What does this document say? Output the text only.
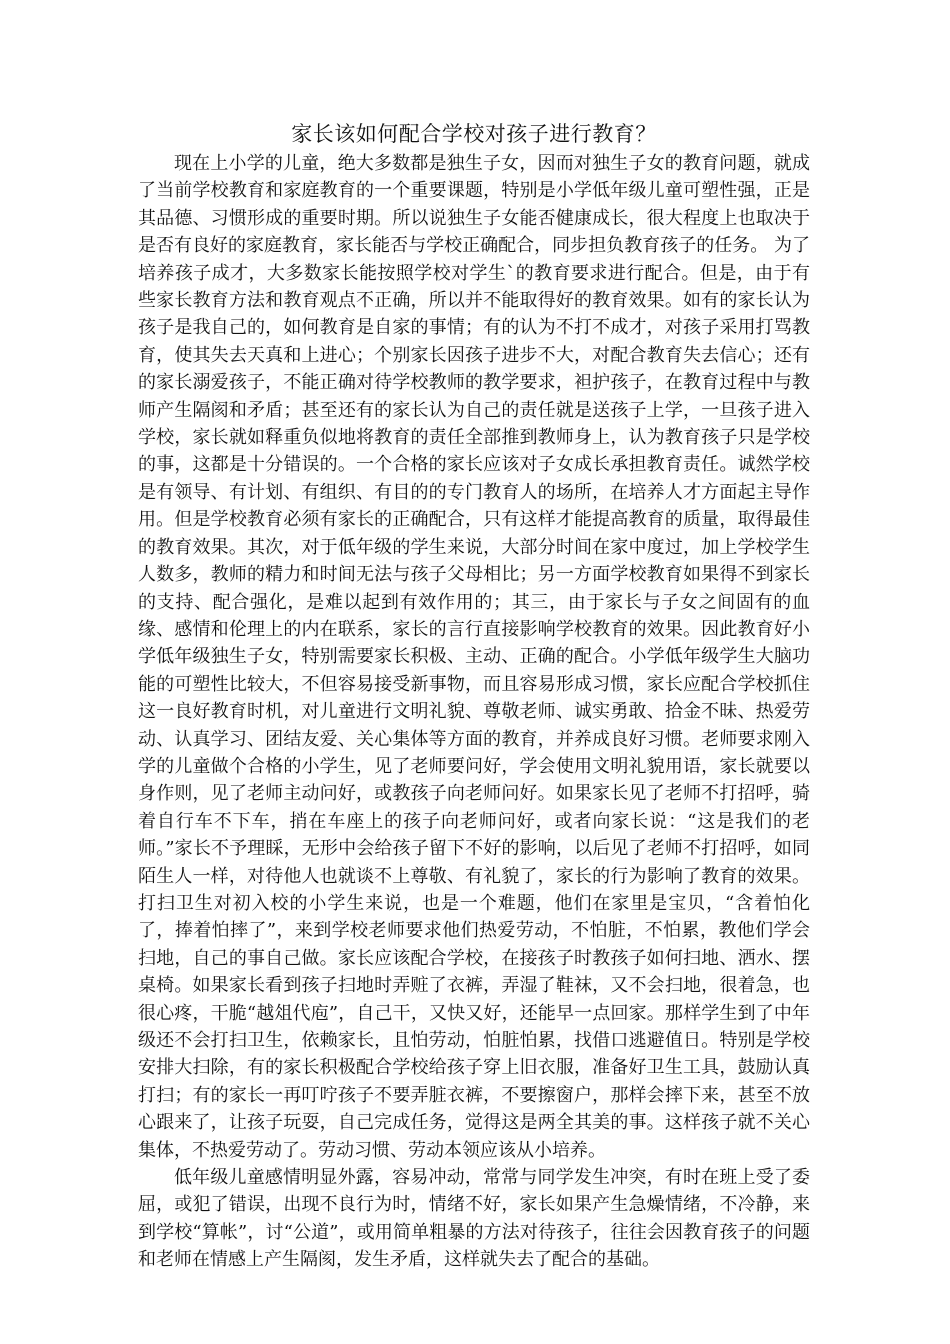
家长该如何配合学校对孩子进行教育？

现在上小学的儿童，绝大多数都是独生子女，因而对独生子女的教育问题，就成了当前学校教育和家庭教育的一个重要课题，特别是小学低年级儿童可塑性强，正是其品德、习惯形成的重要时期。所以说独生子女能否健康成长，很大程度上也取决于是否有良好的家庭教育，家长能否与学校正确配合，同步担负教育孩子的任务。 为了培养孩子成才，大多数家长能按照学校对学生`的教育要求进行配合。但是，由于有些家长教育方法和教育观点不正确，所以并不能取得好的教育效果。如有的家长认为孩子是我自己的，如何教育是自家的事情；有的认为不打不成才，对孩子采用打骂教育，使其失去天真和上进心；个别家长因孩子进步不大，对配合教育失去信心；还有的家长溺爱孩子，不能正确对待学校教师的教学要求，袒护孩子，在教育过程中与教师产生隔阂和矛盾；甚至还有的家长认为自己的责任就是送孩子上学，一旦孩子进入学校，家长就如释重负似地将教育的责任全部推到教师身上，认为教育孩子只是学校的事，这都是十分错误的。一个合格的家长应该对子女成长承担教育责任。诚然学校是有领导、有计划、有组织、有目的的专门教育人的场所，在培养人才方面起主导作用。但是学校教育必须有家长的正确配合，只有这样才能提高教育的质量，取得最佳的教育效果。其次，对于低年级的学生来说，大部分时间在家中度过，加上学校学生人数多，教师的精力和时间无法与孩子父母相比；另一方面学校教育如果得不到家长的支持、配合强化，是难以起到有效作用的；其三，由于家长与子女之间固有的血缘、感情和伦理上的内在联系，家长的言行直接影响学校教育的效果。因此教育好小学低年级独生子女，特别需要家长积极、主动、正确的配合。小学低年级学生大脑功能的可塑性比较大，不但容易接受新事物，而且容易形成习惯，家长应配合学校抓住这一良好教育时机，对儿童进行文明礼貌、尊敬老师、诚实勇敢、拾金不昧、热爱劳动、认真学习、团结友爱、关心集体等方面的教育，并养成良好习惯。老师要求刚入学的儿童做个合格的小学生，见了老师要问好，学会使用文明礼貌用语，家长就要以身作则，见了老师主动问好，或教孩子向老师问好。如果家长见了老师不打招呼，骑着自行车不下车，捎在车座上的孩子向老师问好，或者向家长说：“这是我们的老师。”家长不予理睬，无形中会给孩子留下不好的影响，以后见了老师不打招呼，如同陌生人一样，对待他人也就谈不上尊敬、有礼貌了，家长的行为影响了教育的效果。打扫卫生对初入校的小学生来说，也是一个难题，他们在家里是宝贝，“含着怕化了，捧着怕摔了”，来到学校老师要求他们热爱劳动，不怕脏，不怕累，教他们学会扫地，自己的事自己做。家长应该配合学校，在接孩子时教孩子如何扫地、洒水、摆桌椅。如果家长看到孩子扫地时弄赃了衣裤，弄湿了鞋袜，又不会扫地，很着急，也很心疼，干脆“越俎代庖”，自己干，又快又好，还能早一点回家。那样学生到了中年级还不会打扫卫生，依赖家长，且怕劳动，怕脏怕累，找借口逃避值日。特别是学校安排大扫除，有的家长积极配合学校给孩子穿上旧衣服，准备好卫生工具，鼓励认真打扫；有的家长一再叮咛孩子不要弄脏衣裤，不要擦窗户，那样会摔下来，甚至不放心跟来了，让孩子玩耍，自己完成任务，觉得这是两全其美的事。这样孩子就不关心集体，不热爱劳动了。劳动习惯、劳动本领应该从小培养。

低年级儿童感情明显外露，容易冲动，常常与同学发生冲突，有时在班上受了委屈，或犯了错误，出现不良行为时，情绪不好，家长如果产生急燥情绪，不冷静，来到学校“算帐”，讨“公道”，或用简单粗暴的方法对待孩子，往往会因教育孩子的问题和老师在情感上产生隔阂，发生矛盾，这样就失去了配合的基础。
